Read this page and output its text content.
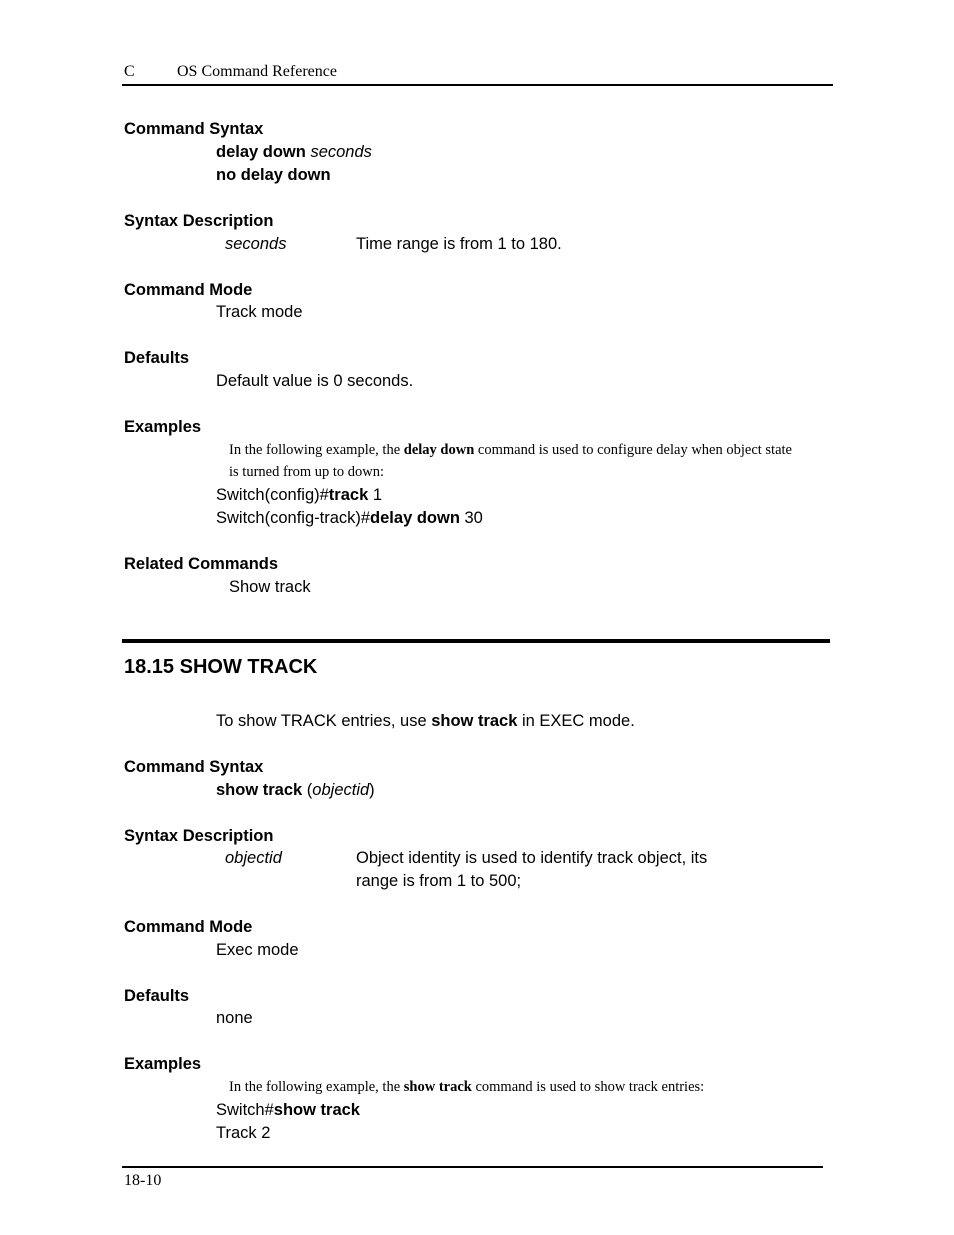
C	OS Command Reference
Command Syntax
delay down seconds
no delay down
Syntax Description
seconds	Time range is from 1 to 180.
Command Mode
Track mode
Defaults
Default value is 0 seconds.
Examples
In the following example, the delay down command is used to configure delay when object state
is turned from up to down:
Switch(config)#track 1
Switch(config-track)#delay down 30
Related Commands
Show track
18.15 SHOW TRACK
To show TRACK entries, use show track in EXEC mode.
Command Syntax
show track (objectid)
Syntax Description
objectid	Object identity is used to identify track object, its
range is from 1 to 500;
Command Mode
Exec mode
Defaults
none
Examples
In the following example, the show track command is used to show track entries:
Switch#show track
Track 2
18-10
